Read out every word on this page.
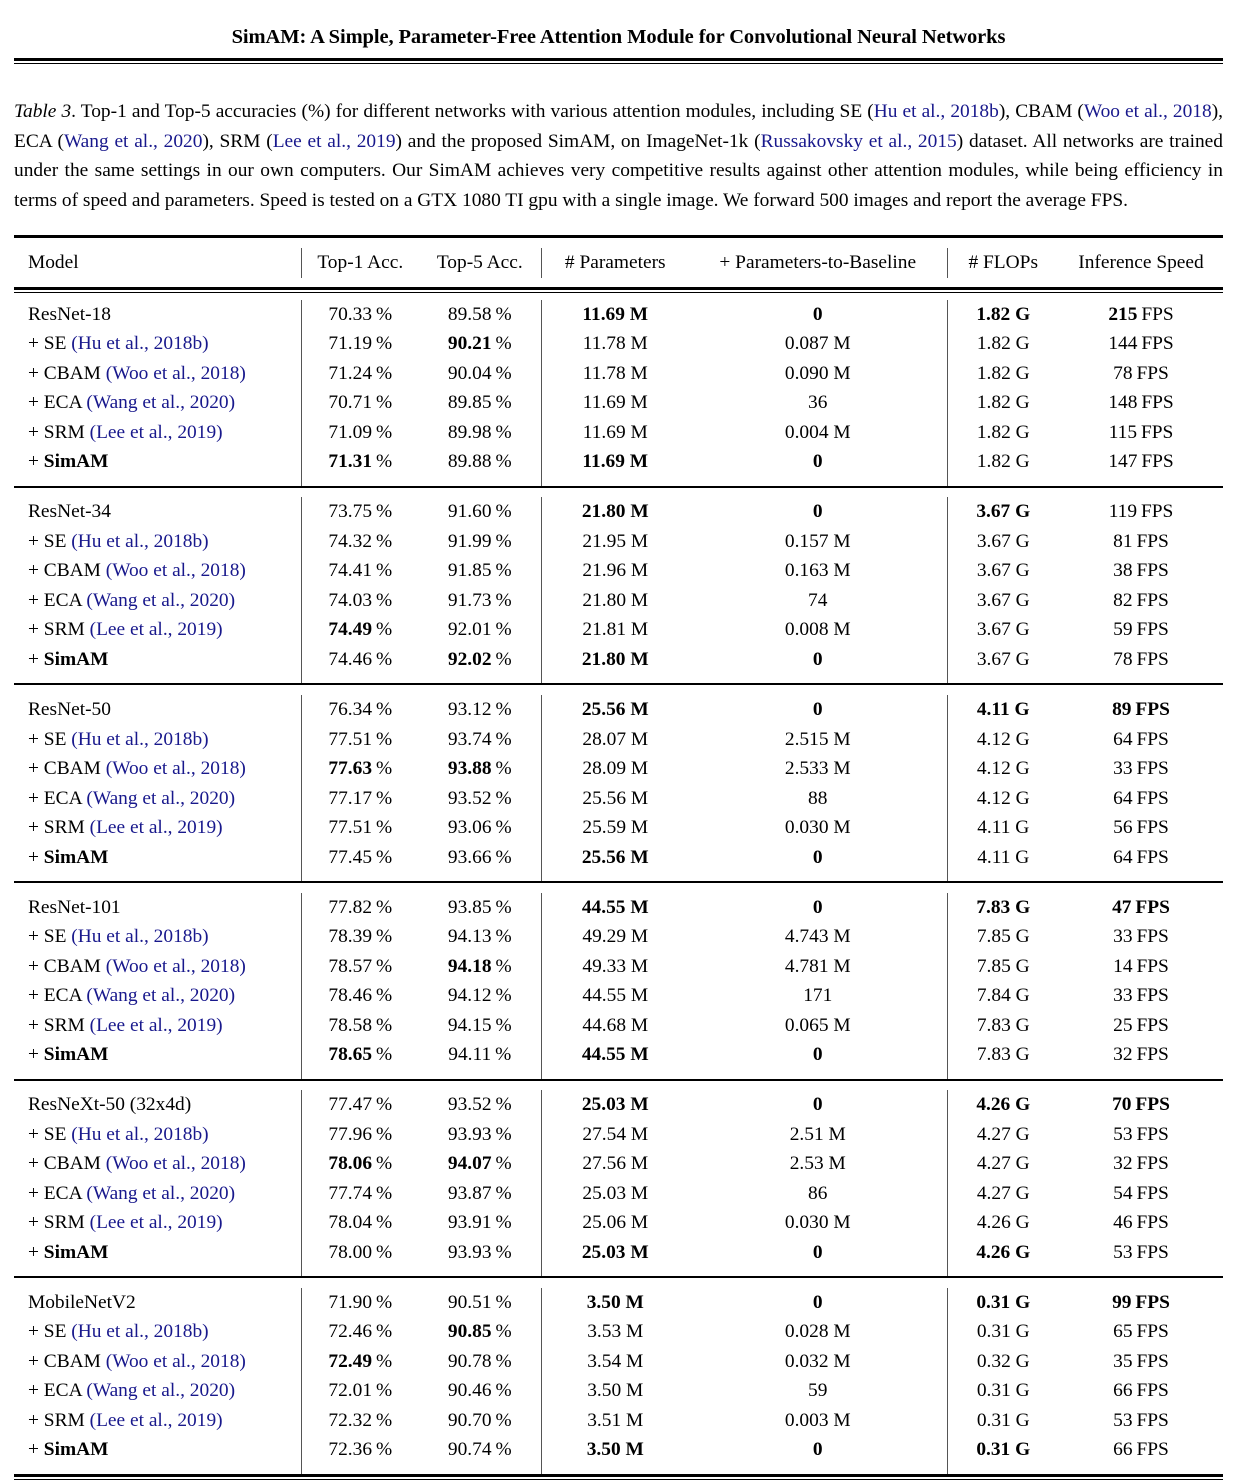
SimAM: A Simple, Parameter-Free Attention Module for Convolutional Neural Networks
Table 3. Top-1 and Top-5 accuracies (%) for different networks with various attention modules, including SE (Hu et al., 2018b), CBAM (Woo et al., 2018), ECA (Wang et al., 2020), SRM (Lee et al., 2019) and the proposed SimAM, on ImageNet-1k (Russakovsky et al., 2015) dataset. All networks are trained under the same settings in our own computers. Our SimAM achieves very competitive results against other attention modules, while being efficiency in terms of speed and parameters. Speed is tested on a GTX 1080 TI gpu with a single image. We forward 500 images and report the average FPS.

Model	Top-1 Acc.	Top-5 Acc.	# Parameters	+ Parameters-to-Baseline	# FLOPs	Inference Speed

ResNet-18	70.33  %	89.58  %	11.69 M	0	1.82 G	215  FPS
+ SE (Hu et al., 2018b)	71.19  %	90.21  %	11.78 M	0.087 M	1.82 G	144  FPS
+ CBAM (Woo et al., 2018)	71.24  %	90.04  %	11.78 M	0.090 M	1.82 G	78  FPS
+ ECA (Wang et al., 2020)	70.71  %	89.85  %	11.69 M	36	1.82 G	148  FPS
+ SRM (Lee et al., 2019)	71.09  %	89.98  %	11.69 M	0.004 M	1.82 G	115  FPS
+ SimAM	71.31  %	89.88  %	11.69 M	0	1.82 G	147  FPS

ResNet-34	73.75  %	91.60  %	21.80 M	0	3.67 G	119  FPS
+ SE (Hu et al., 2018b)	74.32  %	91.99  %	21.95 M	0.157 M	3.67 G	81  FPS
+ CBAM (Woo et al., 2018)	74.41  %	91.85  %	21.96 M	0.163 M	3.67 G	38  FPS
+ ECA (Wang et al., 2020)	74.03  %	91.73  %	21.80 M	74	3.67 G	82  FPS
+ SRM (Lee et al., 2019)	74.49  %	92.01  %	21.81 M	0.008 M	3.67 G	59  FPS
+ SimAM	74.46  %	92.02  %	21.80 M	0	3.67 G	78  FPS

ResNet-50	76.34  %	93.12  %	25.56 M	0	4.11 G	89  FPS
+ SE (Hu et al., 2018b)	77.51  %	93.74  %	28.07 M	2.515 M	4.12 G	64  FPS
+ CBAM (Woo et al., 2018)	77.63  %	93.88  %	28.09 M	2.533 M	4.12 G	33  FPS
+ ECA (Wang et al., 2020)	77.17  %	93.52  %	25.56 M	88	4.12 G	64  FPS
+ SRM (Lee et al., 2019)	77.51  %	93.06  %	25.59 M	0.030 M	4.11 G	56  FPS
+ SimAM	77.45  %	93.66  %	25.56 M	0	4.11 G	64  FPS

ResNet-101	77.82  %	93.85  %	44.55 M	0	7.83 G	47  FPS
+ SE (Hu et al., 2018b)	78.39  %	94.13  %	49.29 M	4.743 M	7.85 G	33  FPS
+ CBAM (Woo et al., 2018)	78.57  %	94.18  %	49.33 M	4.781 M	7.85 G	14  FPS
+ ECA (Wang et al., 2020)	78.46  %	94.12  %	44.55 M	171	7.84 G	33  FPS
+ SRM (Lee et al., 2019)	78.58  %	94.15  %	44.68 M	0.065 M	7.83 G	25  FPS
+ SimAM	78.65  %	94.11  %	44.55 M	0	7.83 G	32  FPS

ResNeXt-50 (32x4d)	77.47  %	93.52  %	25.03 M	0	4.26 G	70  FPS
+ SE (Hu et al., 2018b)	77.96  %	93.93  %	27.54 M	2.51 M	4.27 G	53  FPS
+ CBAM (Woo et al., 2018)	78.06  %	94.07  %	27.56 M	2.53 M	4.27 G	32  FPS
+ ECA (Wang et al., 2020)	77.74  %	93.87  %	25.03 M	86	4.27 G	54  FPS
+ SRM (Lee et al., 2019)	78.04  %	93.91  %	25.06 M	0.030 M	4.26 G	46  FPS
+ SimAM	78.00  %	93.93  %	25.03 M	0	4.26 G	53  FPS

MobileNetV2	71.90  %	90.51  %	3.50 M	0	0.31 G	99  FPS
+ SE (Hu et al., 2018b)	72.46  %	90.85  %	3.53 M	0.028 M	0.31 G	65  FPS
+ CBAM (Woo et al., 2018)	72.49  %	90.78  %	3.54 M	0.032 M	0.32 G	35  FPS
+ ECA (Wang et al., 2020)	72.01  %	90.46  %	3.50 M	59	0.31 G	66  FPS
+ SRM (Lee et al., 2019)	72.32  %	90.70  %	3.51 M	0.003 M	0.31 G	53  FPS
+ SimAM	72.36  %	90.74  %	3.50 M	0	0.31 G	66  FPS
